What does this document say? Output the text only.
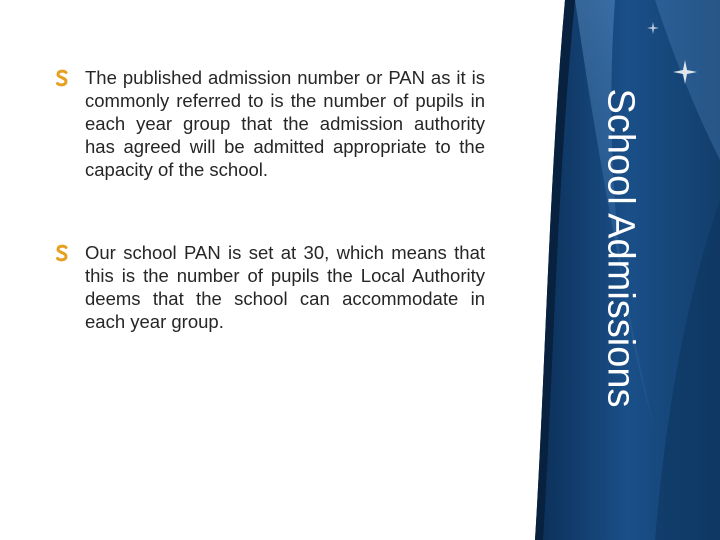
The published admission number or PAN as it is commonly referred to is the number of pupils in each year group that the admission authority has agreed will be admitted appropriate to the capacity of the school.
Our school PAN is set at 30, which means that this is the number of pupils the Local Authority deems that the school can accommodate in each year group.	School Admissions
